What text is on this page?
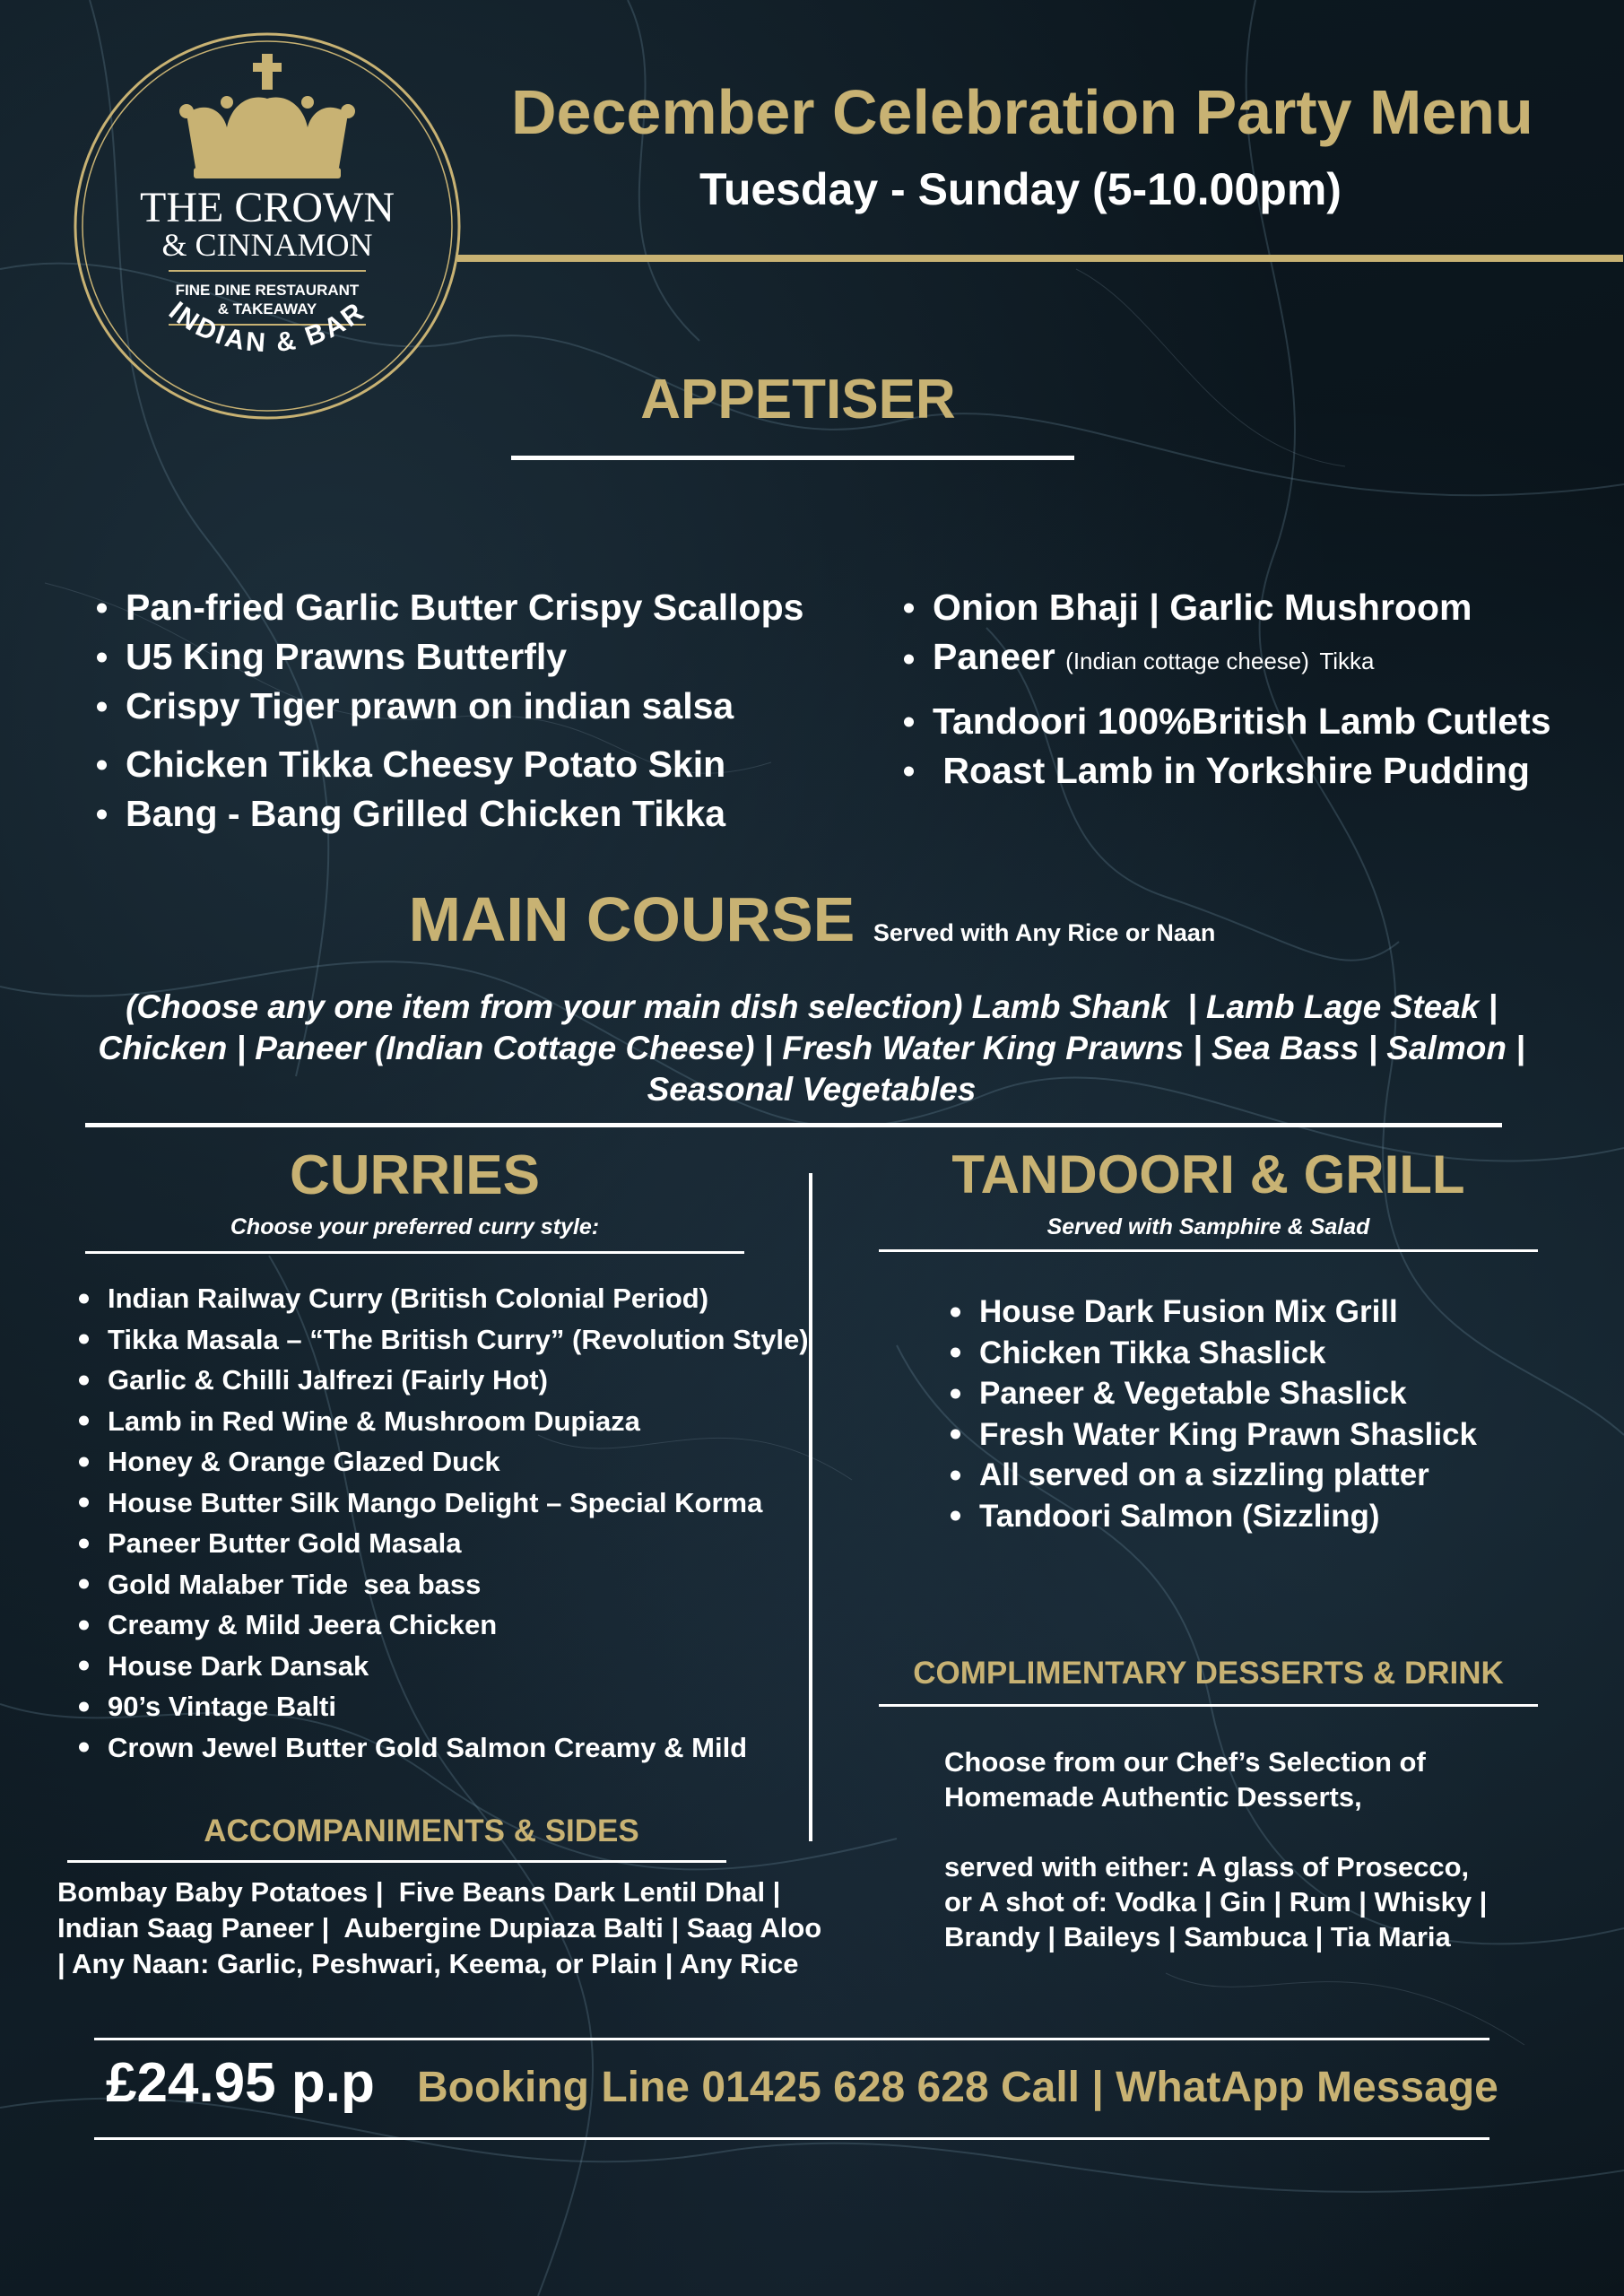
THE CROWN
& CINNAMON
FINE DINE RESTAURANT
& TAKEAWAY
INDIAN & BAR
December Celebration Party Menu
Tuesday - Sunday (5-10.00pm)
APPETISER
Pan-fried Garlic Butter Crispy Scallops
U5 King Prawns Butterfly
Crispy Tiger prawn on indian salsa
Chicken Tikka Cheesy Potato Skin
Bang - Bang Grilled Chicken Tikka
Onion Bhaji | Garlic Mushroom
Paneer (Indian cottage cheese) Tikka
Tandoori 100%British Lamb Cutlets
Roast Lamb in Yorkshire Pudding
MAIN COURSE Served with Any Rice or Naan
(Choose any one item from your main dish selection) Lamb Shank  | Lamb Lage Steak |
Chicken | Paneer (Indian Cottage Cheese) | Fresh Water King Prawns | Sea Bass | Salmon |
Seasonal Vegetables
CURRIES
Choose your preferred curry style:
Indian Railway Curry (British Colonial Period)
Tikka Masala – “The British Curry” (Revolution Style)
Garlic & Chilli Jalfrezi (Fairly Hot)
Lamb in Red Wine & Mushroom Dupiaza
Honey & Orange Glazed Duck
House Butter Silk Mango Delight – Special Korma
Paneer Butter Gold Masala
Gold Malaber Tide  sea bass
Creamy & Mild Jeera Chicken
House Dark Dansak
90’s Vintage Balti
Crown Jewel Butter Gold Salmon Creamy & Mild
TANDOORI & GRILL
Served with Samphire & Salad
House Dark Fusion Mix Grill
Chicken Tikka Shaslick
Paneer & Vegetable Shaslick
Fresh Water King Prawn Shaslick
All served on a sizzling platter
Tandoori Salmon (Sizzling)
COMPLIMENTARY DESSERTS & DRINK
Choose from our Chef’s Selection of
Homemade Authentic Desserts,
served with either: A glass of Prosecco,
or A shot of: Vodka | Gin | Rum | Whisky |
Brandy | Baileys | Sambuca | Tia Maria
ACCOMPANIMENTS & SIDES
Bombay Baby Potatoes |  Five Beans Dark Lentil Dhal |
Indian Saag Paneer |  Aubergine Dupiaza Balti | Saag Aloo
| Any Naan: Garlic, Peshwari, Keema, or Plain | Any Rice
£24.95 p.p Booking Line 01425 628 628 Call | WhatApp Message
